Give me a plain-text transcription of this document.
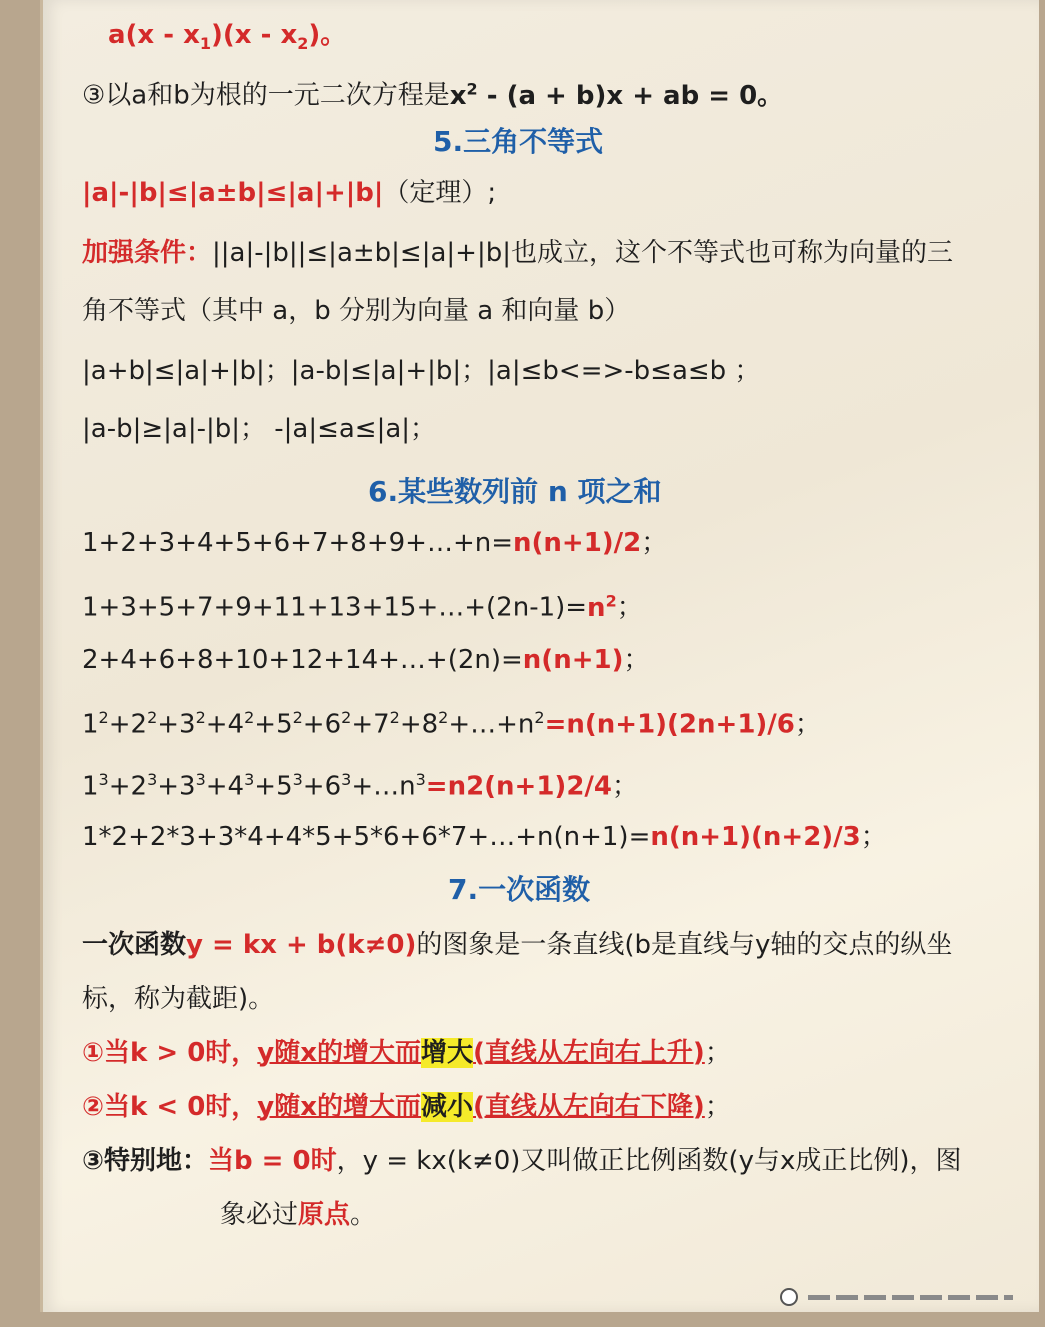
$a(x - x_1)(x - x_2)$。
③以a和b为根的一元二次方程是$x^2 - (a + b)x$ + ab = 0。
5.三角不等式
|a|-|b|≤|a±b|≤|a|+|b|（定理）;
加强条件：||a|-|b||≤|a±b|≤|a|+|b|也成立，这个不等式也可称为向量的三
角不等式（其中 a，b 分别为向量 a 和向量 b）
|a+b|≤|a|+|b|；|a-b|≤|a|+|b|；|a|≤b<=>-b≤a≤b ；
|a-b|≥|a|-|b|； -|a|≤a≤|a|；
6.某些数列前 n 项之和
1+2+3+4+5+6+7+8+9+…+n=n(n+1)/2；
$1+3+5+7+9+11+13+15+\dots+(2n-1)=n^2$；
2+4+6+8+10+12+14+…+(2n)=n(n+1)；
$1^2+2^2+3^2+4^2+5^2+6^2+7^2+8^2+\dots+n^2=n(n+1)(2n+1)/6$；
$1^3+2^3+3^3+4^3+5^3+6^3+\dots n^3=n2(n+1)2/4$；
1*2+2*3+3*4+4*5+5*6+6*7+…+n(n+1)=n(n+1)(n+2)/3；
7.一次函数
一次函数y = kx + b(k≠0)的图象是一条直线(b是直线与y轴的交点的纵坐
标，称为截距)。
①当k > 0时，y随x的增大而增大(直线从左向右上升)；
②当k < 0时，y随x的增大而减小(直线从左向右下降)；
③特别地：当b = 0时，y = kx(k≠0)又叫做正比例函数(y与x成正比例)，图
象必过原点。
